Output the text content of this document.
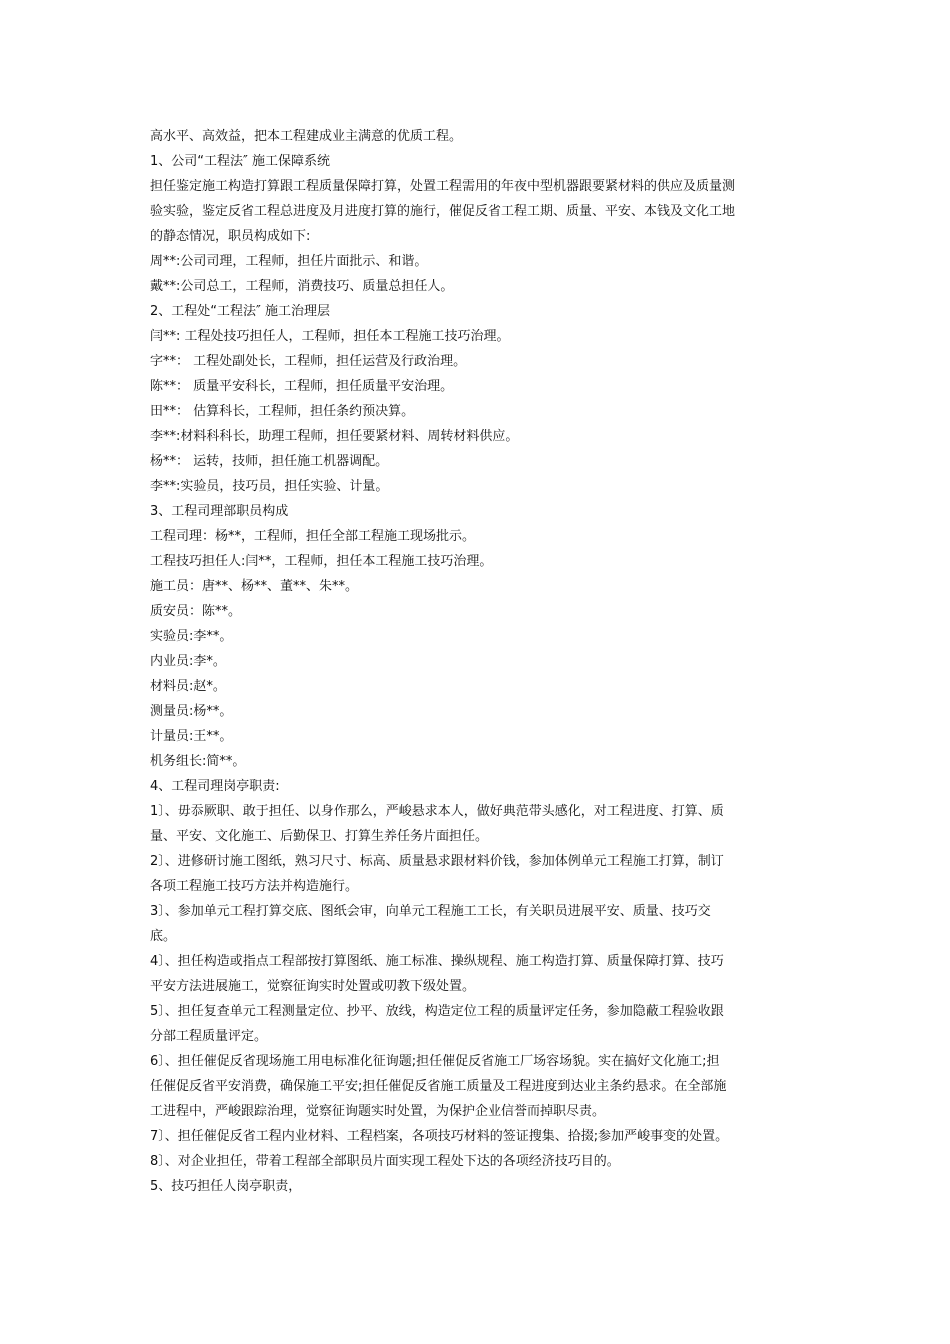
高水平、高效益，把本工程建成业主满意的优质工程。

1、公司“工程法″ 施工保障系统

担任鉴定施工构造打算跟工程质量保障打算，处置工程需用的年夜中型机器跟要紧材料的供应及质量测
验实验，鉴定反省工程总进度及月进度打算的施行，催促反省工程工期、质量、平安、本钱及文化工地
的静态情况，职员构成如下:

周**:公司司理，工程师，担任片面批示、和谐。

戴**:公司总工，工程师，消费技巧、质量总担任人。

2、工程处“工程法″ 施工治理层

闫**: 工程处技巧担任人，工程师，担任本工程施工技巧治理。

字**： 工程处副处长，工程师，担任运营及行政治理。

陈**： 质量平安科长，工程师，担任质量平安治理。

田**： 估算科长，工程师，担任条约预决算。

李**:材料科科长，助理工程师，担任要紧材料、周转材料供应。

杨**： 运转，技师，担任施工机器调配。

李**:实验员，技巧员，担任实验、计量。

3、工程司理部职员构成

工程司理：杨**，工程师，担任全部工程施工现场批示。

工程技巧担任人:闫**，工程师，担任本工程施工技巧治理。

施工员：唐**、杨**、董**、朱**。

质安员：陈**。

实验员:李**。

内业员:李*。

材料员:赵*。

测量员:杨**。

计量员:王**。

机务组长:简**。

4、工程司理岗亭职责:

1〕、毋忝厥职、敢于担任、以身作那么，严峻悬求本人，做好典范带头感化，对工程进度、打算、质
量、平安、文化施工、后勤保卫、打算生养任务片面担任。

2〕、进修研讨施工图纸，熟习尺寸、标高、质量悬求跟材料价钱，参加体例单元工程施工打算，制订
各项工程施工技巧方法并构造施行。

3〕、参加单元工程打算交底、图纸会审，向单元工程施工工长，有关职员进展平安、质量、技巧交
底。

4〕、担任构造或指点工程部按打算图纸、施工标准、操纵规程、施工构造打算、质量保障打算、技巧
平安方法进展施工，觉察征询实时处置或叨教下级处置。

5〕、担任复查单元工程测量定位、抄平、放线，构造定位工程的质量评定任务，参加隐蔽工程验收跟
分部工程质量评定。

6〕、担任催促反省现场施工用电标准化征询题;担任催促反省施工厂场容场貌。实在搞好文化施工;担
任催促反省平安消费，确保施工平安;担任催促反省施工质量及工程进度到达业主条约悬求。在全部施
工进程中，严峻跟踪治理，觉察征询题实时处置，为保护企业信誉而掉职尽责。

7〕、担任催促反省工程内业材料、工程档案，各项技巧材料的签证搜集、拾掇;参加严峻事变的处置。

8〕、对企业担任，带着工程部全部职员片面实现工程处下达的各项经济技巧目的。

5、技巧担任人岗亭职责，
